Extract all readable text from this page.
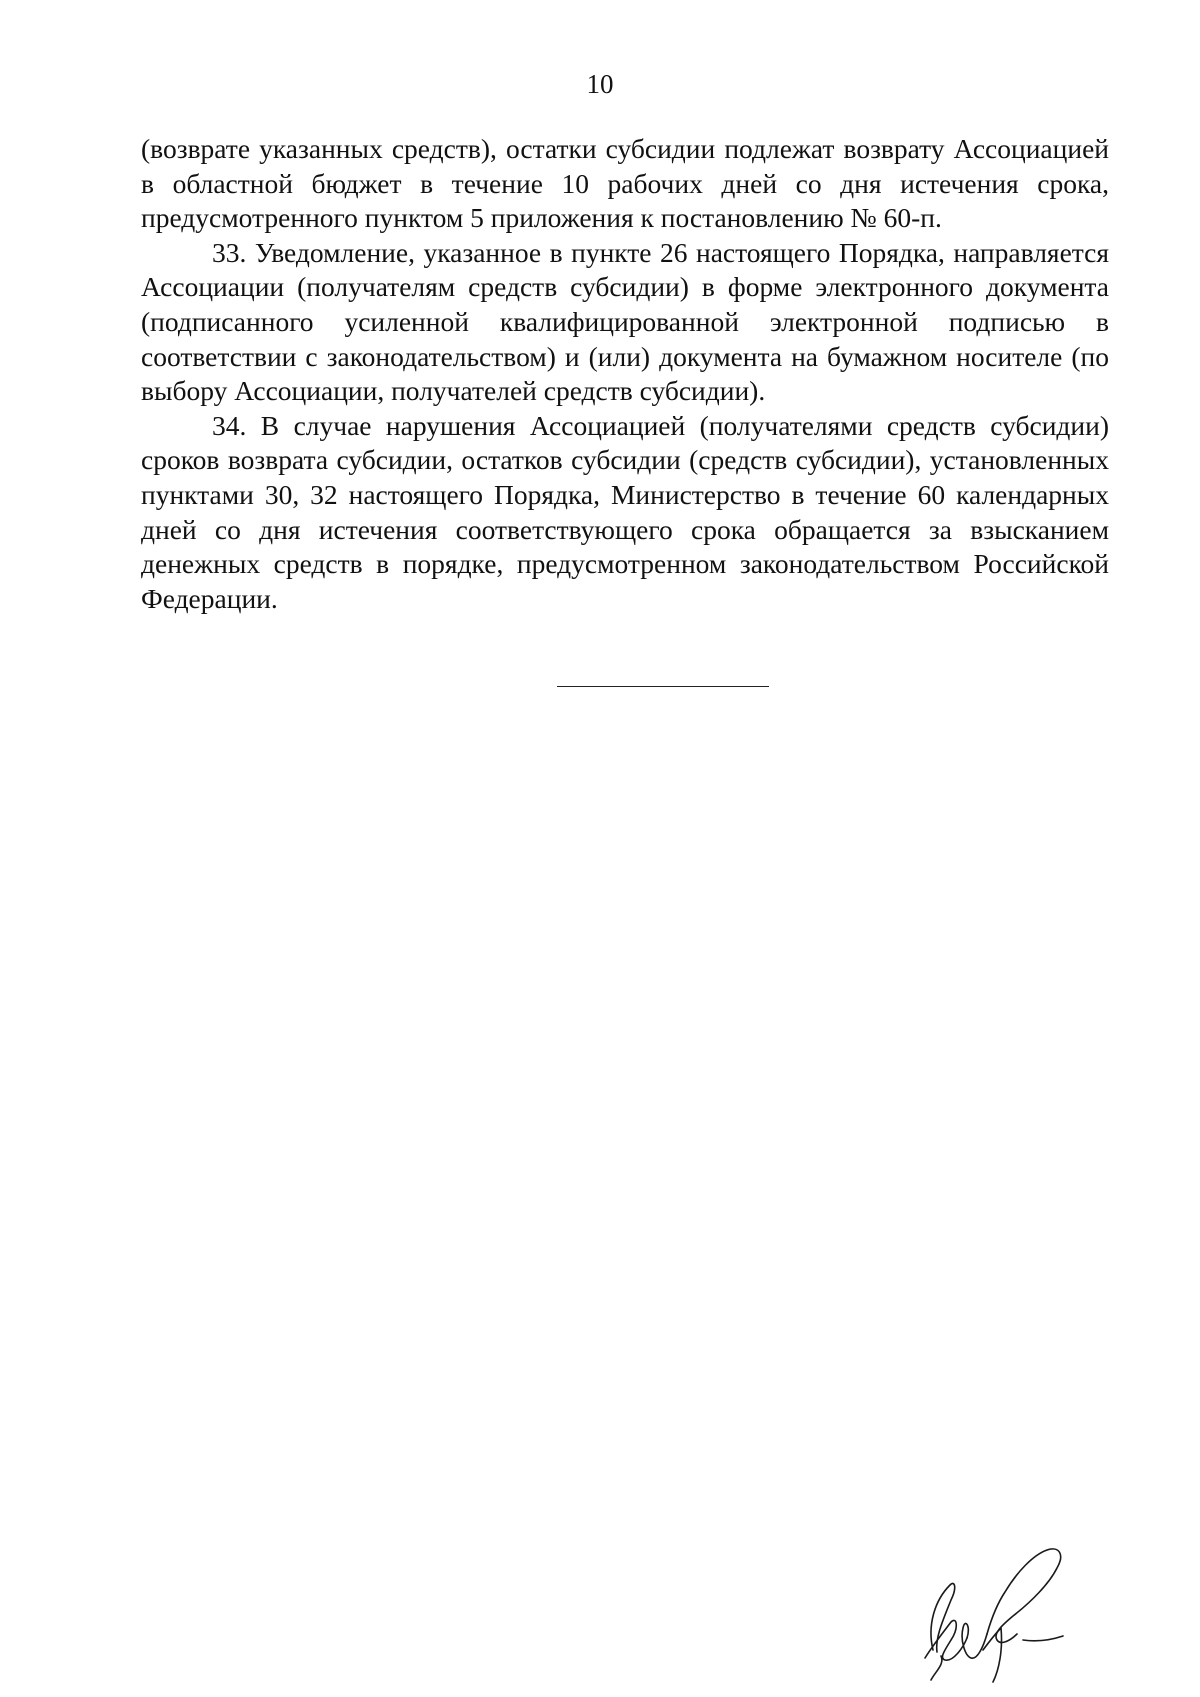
10

(возврате указанных средств), остатки субсидии подлежат возврату Ассоциацией в областной бюджет в течение 10 рабочих дней со дня истечения срока, предусмотренного пунктом 5 приложения к постановлению № 60-п.

33. Уведомление, указанное в пункте 26 настоящего Порядка, направляется Ассоциации (получателям средств субсидии) в форме электронного документа (подписанного усиленной квалифицированной электронной подписью в соответствии с законодательством) и (или) документа на бумажном носителе (по выбору Ассоциации, получателей средств субсидии).

34. В случае нарушения Ассоциацией (получателями средств субсидии) сроков возврата субсидии, остатков субсидии (средств субсидии), установленных пунктами 30, 32 настоящего Порядка, Министерство в течение 60 календарных дней со дня истечения соответствующего срока обращается за взысканием денежных средств в порядке, предусмотренном законодательством Российской Федерации.
